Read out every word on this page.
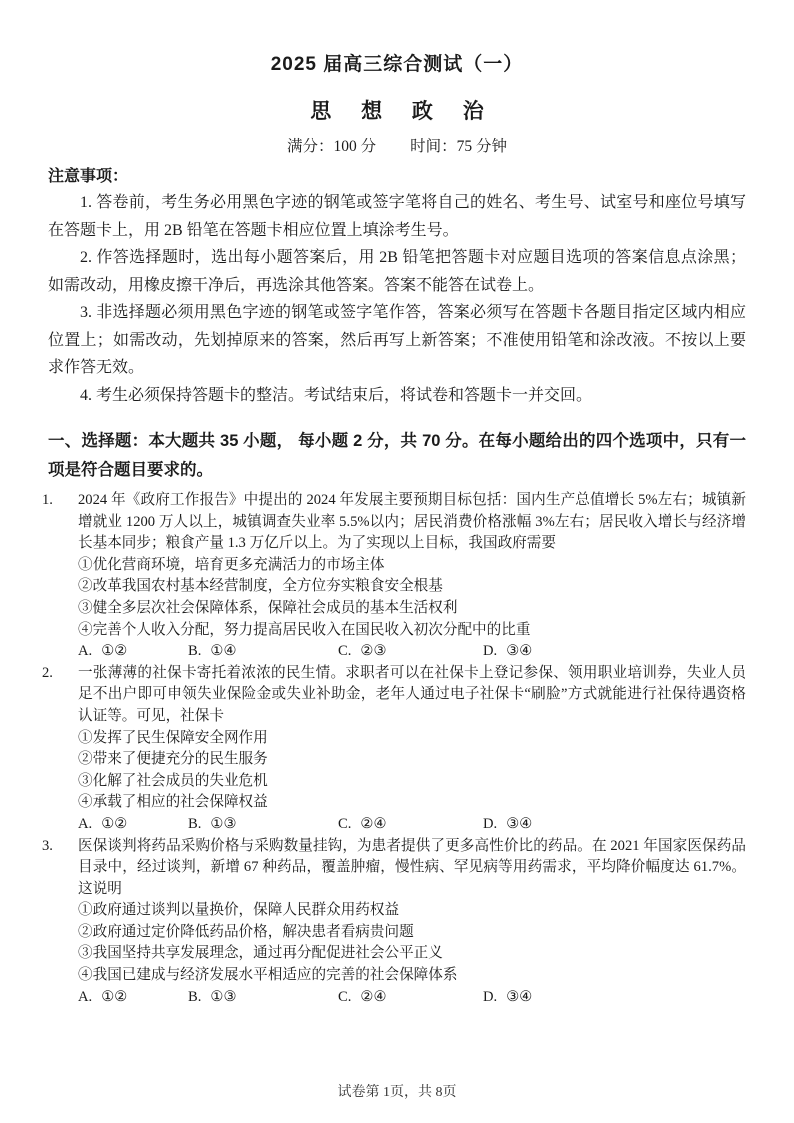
2025 届高三综合测试（一）
思 想 政 治
满分：100 分 时间：75 分钟
注意事项：

1. 答卷前，考生务必用黑色字迹的钢笔或签字笔将自己的姓名、考生号、试室号和座位号填写在答题卡上，用 2B 铅笔在答题卡相应位置上填涂考生号。

2. 作答选择题时，选出每小题答案后，用 2B 铅笔把答题卡对应题目选项的答案信息点涂黑；如需改动，用橡皮擦干净后，再选涂其他答案。答案不能答在试卷上。

3. 非选择题必须用黑色字迹的钢笔或签字笔作答，答案必须写在答题卡各题目指定区域内相应位置上；如需改动，先划掉原来的答案，然后再写上新答案；不准使用铅笔和涂改液。不按以上要求作答无效。

4. 考生必须保持答题卡的整洁。考试结束后，将试卷和答题卡一并交回。

一、选择题：本大题共 35 小题， 每小题 2 分，共 70 分。在每小题给出的四个选项中，只有一项是符合题目要求的。
1. 2024 年《政府工作报告》中提出的 2024 年发展主要预期目标包括：国内生产总值增长 5%左右；城镇新增就业 1200 万人以上，城镇调查失业率 5.5%以内；居民消费价格涨幅 3%左右；居民收入增长与经济增长基本同步；粮食产量 1.3 万亿斤以上。为了实现以上目标，我国政府需要
①优化营商环境，培育更多充满活力的市场主体
②改革我国农村基本经营制度，全方位夯实粮食安全根基
③健全多层次社会保障体系，保障社会成员的基本生活权利
④完善个人收入分配，努力提高居民收入在国民收入初次分配中的比重
A. ①②	B. ①④	C. ②③	D. ③④
2. 一张薄薄的社保卡寄托着浓浓的民生情。求职者可以在社保卡上登记参保、领用职业培训券，失业人员足不出户即可申领失业保险金或失业补助金，老年人通过电子社保卡“刷脸”方式就能进行社保待遇资格认证等。可见，社保卡
①发挥了民生保障安全网作用
②带来了便捷充分的民生服务
③化解了社会成员的失业危机
④承载了相应的社会保障权益
A. ①②	B. ①③	C. ②④	D. ③④
3. 医保谈判将药品采购价格与采购数量挂钩，为患者提供了更多高性价比的药品。在 2021 年国家医保药品目录中，经过谈判，新增 67 种药品，覆盖肿瘤，慢性病、罕见病等用药需求，平均降价幅度达 61.7%。这说明
①政府通过谈判以量换价，保障人民群众用药权益
②政府通过定价降低药品价格，解决患者看病贵问题
③我国坚持共享发展理念，通过再分配促进社会公平正义
④我国已建成与经济发展水平相适应的完善的社会保障体系
A. ①②	B. ①③	C. ②④	D. ③④
试卷第 1页，共 8页
